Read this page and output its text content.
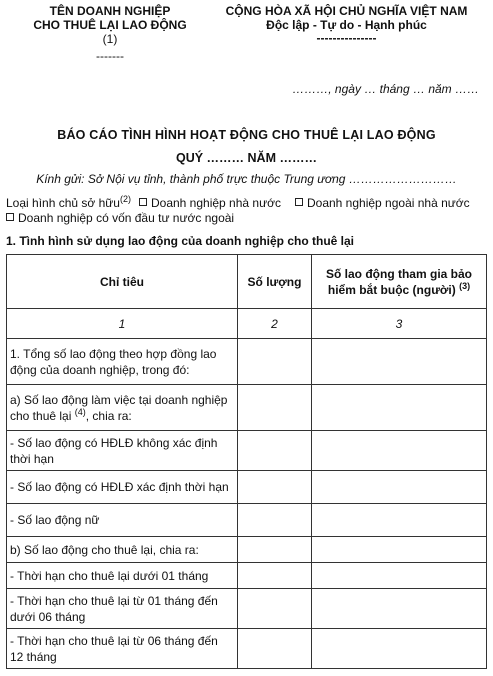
TÊN DOANH NGHIỆP
CHO THUÊ LẠI LAO ĐỘNG
(1)
-------
CỘNG HÒA XÃ HỘI CHỦ NGHĨA VIỆT NAM
Độc lập - Tự do - Hạnh phúc
---------------
………, ngày … tháng … năm ……
BÁO CÁO TÌNH HÌNH HOẠT ĐỘNG CHO THUÊ LẠI LAO ĐỘNG
QUÝ ……… NĂM ………
Kính gửi: Sở Nội vụ tỉnh, thành phố trực thuộc Trung ương ………………………
Loại hình chủ sở hữu$^{(2)}$	Doanh nghiệp nhà nước	Doanh nghiệp ngoài nhà nước
Doanh nghiệp có vốn đầu tư nước ngoài
1. Tình hình sử dụng lao động của doanh nghiệp cho thuê lại
Chỉ tiêu	Số lượng	Số lao động tham gia bảo hiểm bắt buộc (người) $^{(3)}$
1	2	3
1. Tổng số lao động theo hợp đồng lao động của doanh nghiệp, trong đó:		
a) Số lao động làm việc tại doanh nghiệp cho thuê lại $^{(4)}$, chia ra:		
- Số lao động có HĐLĐ không xác định thời hạn		
- Số lao động có HĐLĐ xác định thời hạn		
- Số lao động nữ		
b) Số lao động cho thuê lại, chia ra:		
- Thời hạn cho thuê lại dưới 01 tháng		
- Thời hạn cho thuê lại từ 01 tháng đến dưới 06 tháng		
- Thời hạn cho thuê lại từ 06 tháng đến 12 tháng		
